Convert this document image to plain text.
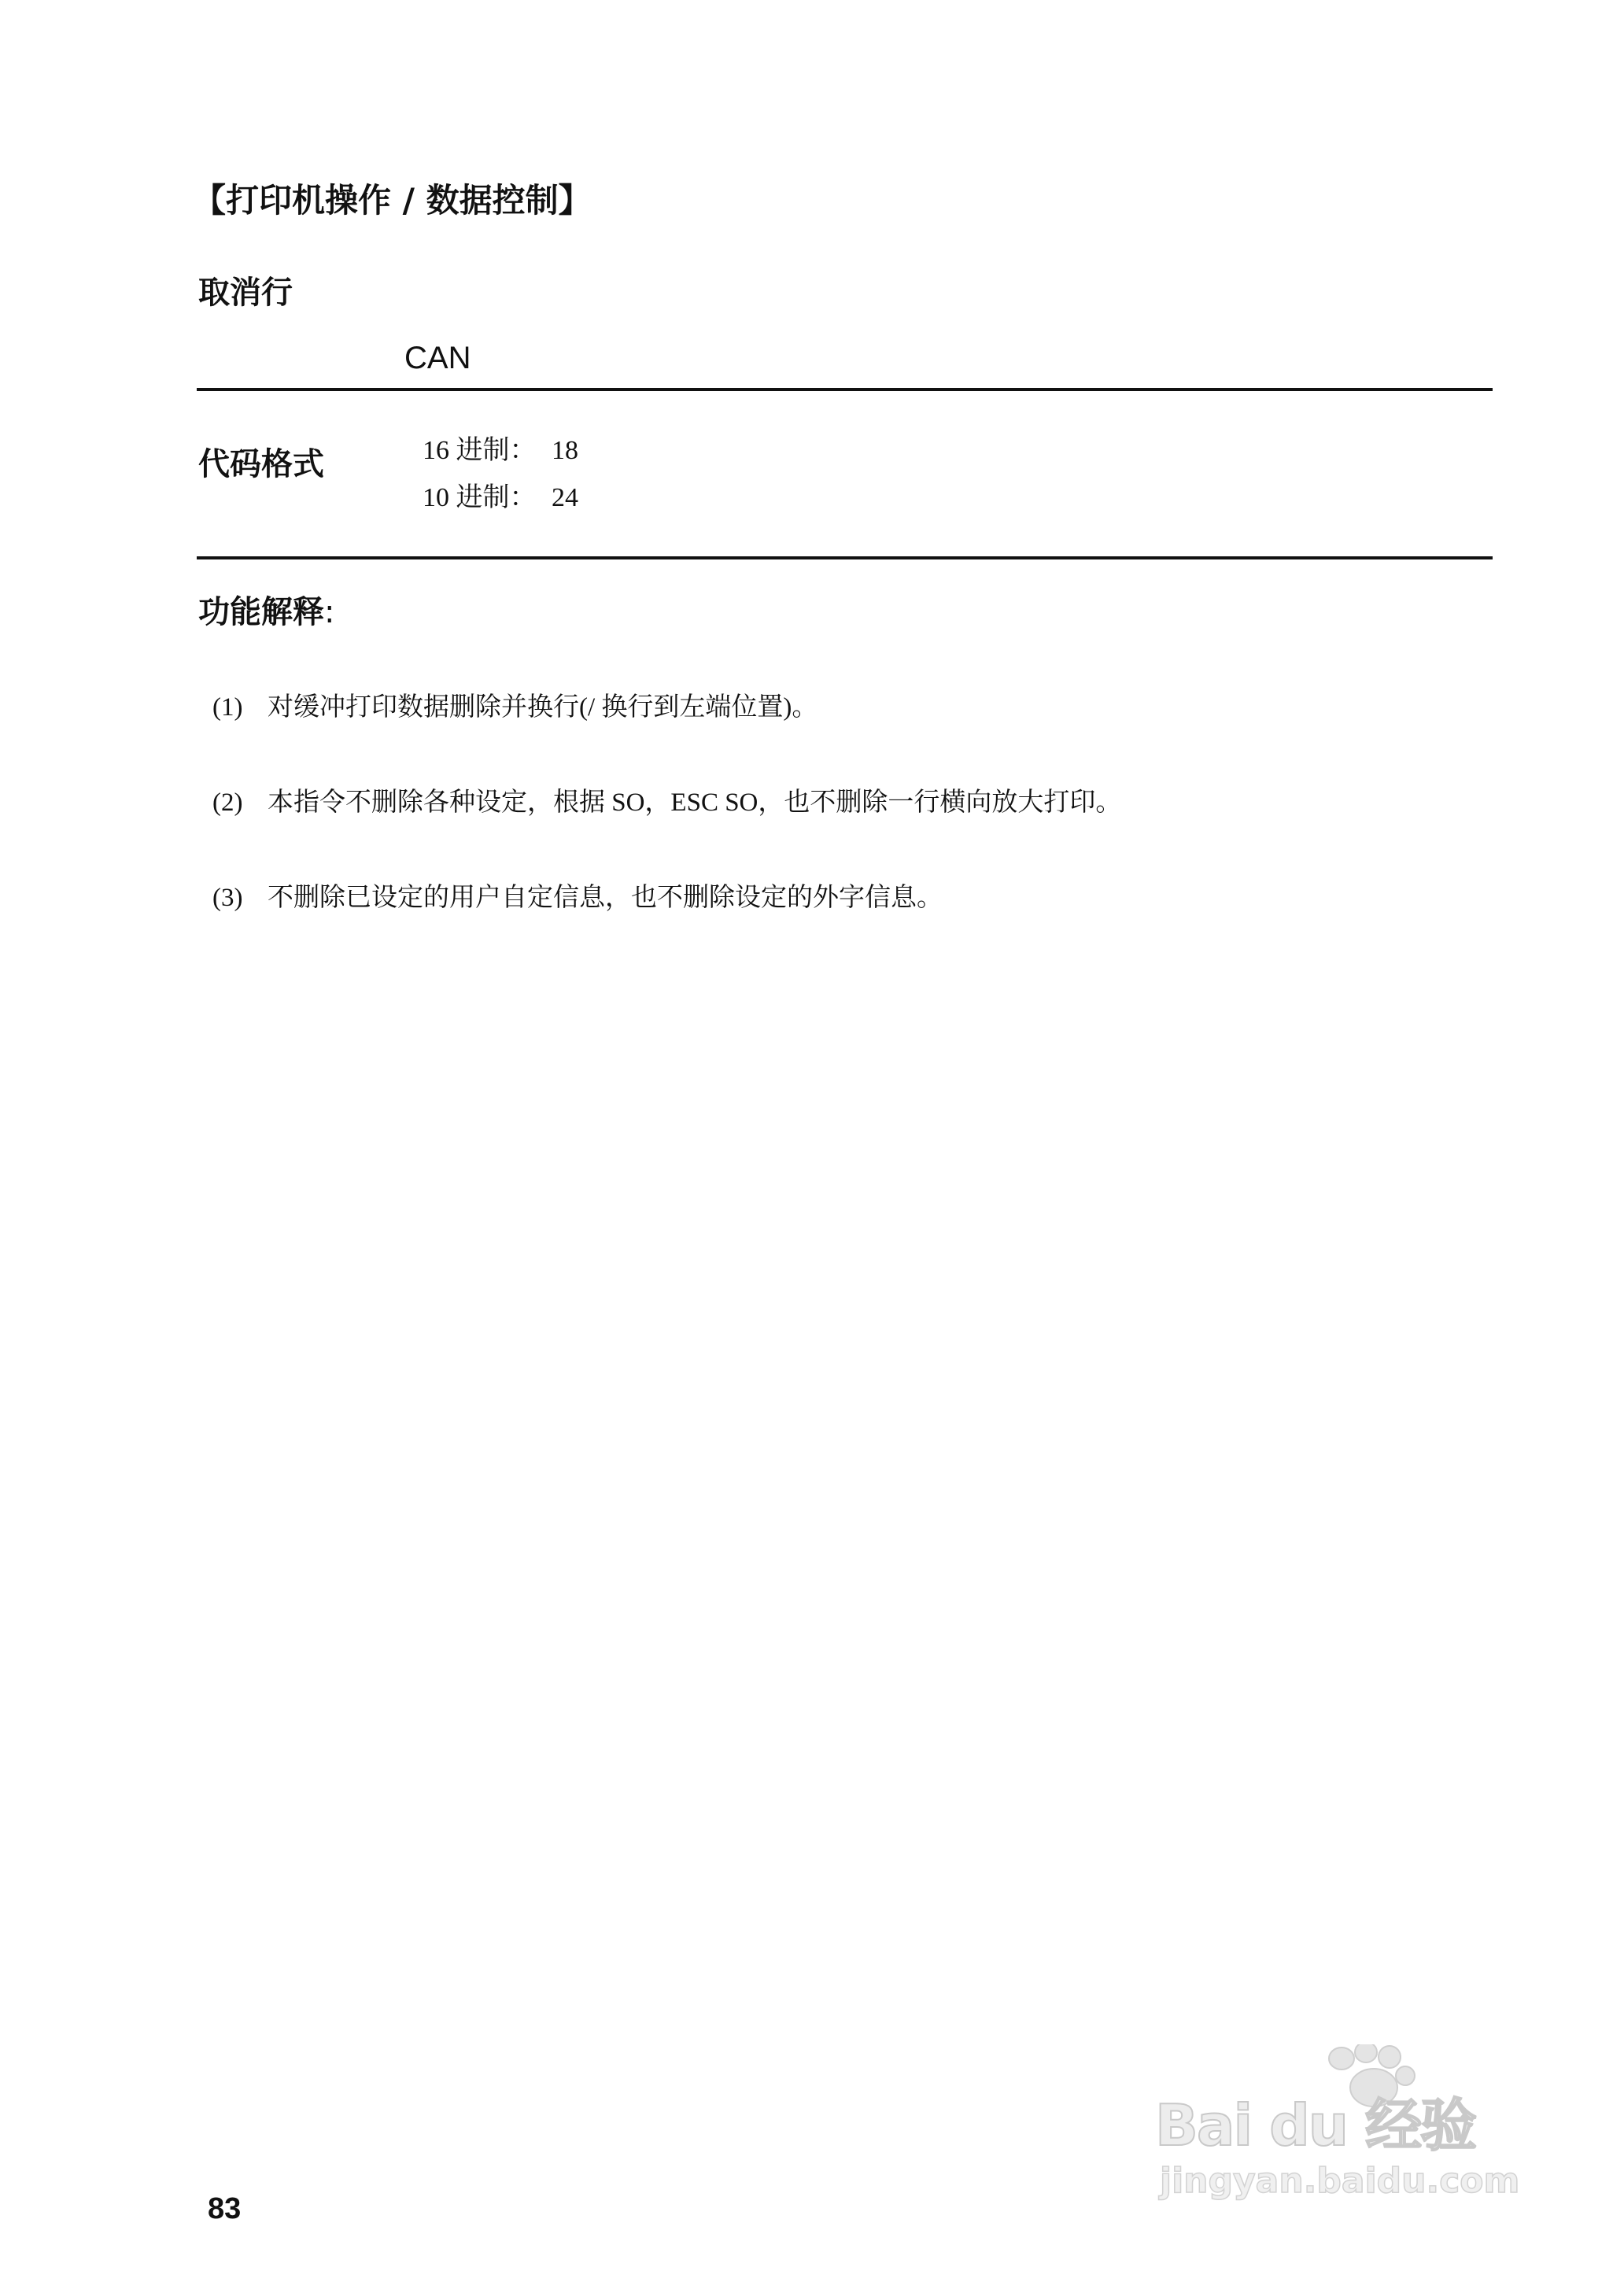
【打印机操作 / 数据控制】
取消行
CAN
代码格式	16 进制： 18
10 进制： 24
功能解释:
(1) 对缓冲打印数据删除并换行(/ 换行到左端位置)。
(2) 本指令不删除各种设定，根据 SO，ESC SO，也不删除一行横向放大打印。
(3) 不删除已设定的用户自定信息，也不删除设定的外字信息。
83
Bai du 经验
jingyan.baidu.com
